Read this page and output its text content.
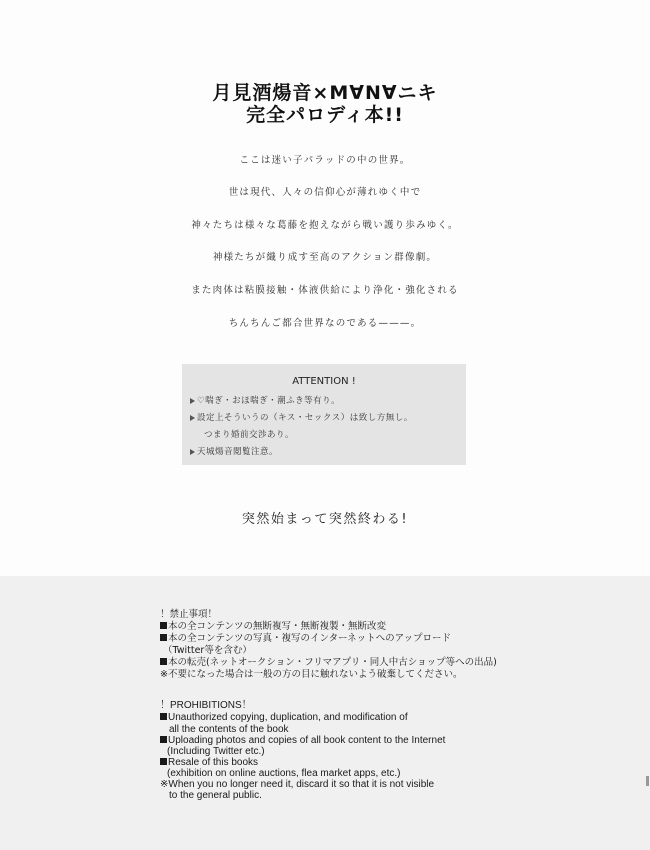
月見酒煬音×M∀N∀ニキ
完全パロディ本!!
ここは迷い子パラッドの中の世界。
世は現代、人々の信仰心が薄れゆく中で
神々たちは様々な葛藤を抱えながら戦い護り歩みゆく。
神様たちが織り成す至高のアクション群像劇。
また肉体は粘膜接触・体液供給により浄化・強化される
ちんちんご都合世界なのである———。
ATTENTION !
♡喘ぎ・おほ喘ぎ・潮ふき等有り。
設定上そういうの（キス・セックス）は致し方無し。
つまり婚前交渉あり。
天城煬音閲覧注意。
突然始まって突然終わる!
！禁止事項！
本の全コンテンツの無断複写・無断複製・無断改変
本の全コンテンツの写真・複写のインターネットへのアップロード
（Twitter等を含む）
本の転売(ネットオークション・フリマアプリ・同人中古ショップ等への出品)
※不要になった場合は一般の方の目に触れないよう破棄してください。
！PROHIBITIONS！
Unauthorized copying, duplication, and modification of
all the contents of the book
Uploading photos and copies of all book content to the Internet
(Including Twitter etc.)
Resale of this books
(exhibition on online auctions, flea market apps, etc.)
※When you no longer need it, discard it so that it is not visible
to the general public.
